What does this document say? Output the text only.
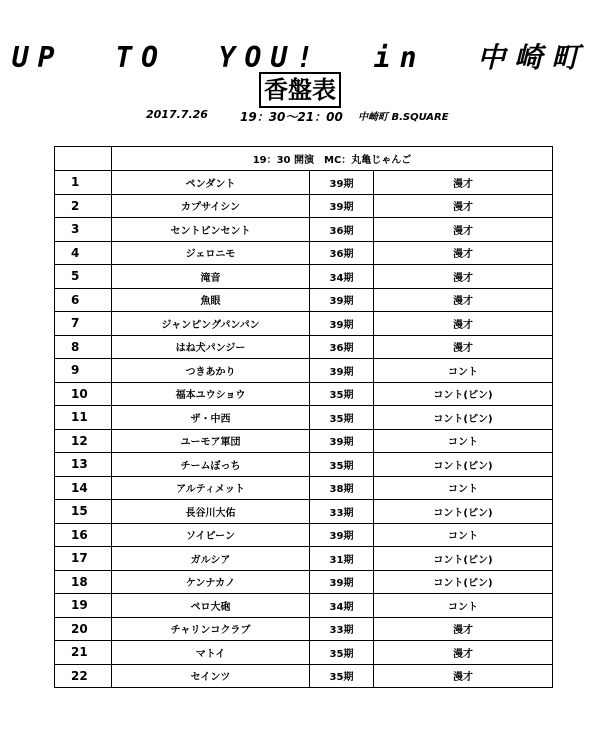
UP  TO  YOU!  in  中崎町
香盤表
2017.7.26	19：30～21：00 中崎町 B.SQUARE
	19：30 開演　MC：丸亀じゃんご		
1	ペンダント	39期	漫才
2	カプサイシン	39期	漫才
3	セントピンセント	36期	漫才
4	ジェロニモ	36期	漫才
5	滝音	34期	漫才
6	魚眼	39期	漫才
7	ジャンピングパンパン	39期	漫才
8	はね犬パンジー	36期	漫才
9	つきあかり	39期	コント
10	福本ユウショウ	35期	コント(ピン)
11	ザ・中西	35期	コント(ピン)
12	ユーモア軍団	39期	コント
13	チームぼっち	35期	コント(ピン)
14	アルティメット	38期	コント
15	長谷川大佑	33期	コント(ピン)
16	ソイピーン	39期	コント
17	ガルシア	31期	コント(ピン)
18	ケンナカノ	39期	コント(ピン)
19	ペロ大砲	34期	コント
20	チャリンコクラブ	33期	漫才
21	マトイ	35期	漫才
22	セインツ	35期	漫才
